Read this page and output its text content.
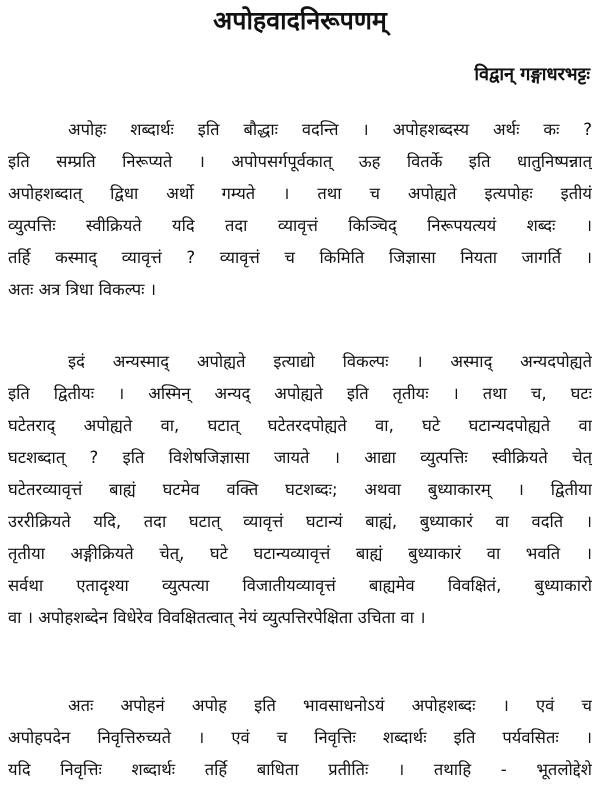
अपोहवादनिरूपणम्
विद्वान् गङ्गाधरभट्टः
अपोहः शब्दार्थः इति बौद्धाः वदन्ति । अपोहशब्दस्य अर्थः कः ?
इति सम्प्रति निरूप्यते । अपोपसर्गपूर्वकात् ऊह वितर्के इति धातुनिष्पन्नात्
अपोहशब्दात् द्विधा अर्थो गम्यते । तथा च अपोह्यते इत्यपोहः इतीयं
व्युत्पत्तिः स्वीक्रियते यदि तदा व्यावृत्तं किञ्चिद् निरूपयत्ययं शब्दः ।
तर्हि कस्माद् व्यावृत्तं ? व्यावृत्तं च किमिति जिज्ञासा नियता जागर्ति ।
अतः अत्र त्रिधा विकल्पः ।
इदं अन्यस्माद् अपोह्यते इत्याद्यो विकल्पः । अस्माद् अन्यदपोह्यते
इति द्वितीयः । अस्मिन् अन्यद् अपोह्यते इति तृतीयः । तथा च, घटः
घटेतराद् अपोह्यते वा, घटात् घटेतरदपोह्यते वा, घटे घटान्यदपोह्यते वा
घटशब्दात् ? इति विशेषजिज्ञासा जायते । आद्या व्युत्पत्तिः स्वीक्रियते चेत्
घटेतरव्यावृत्तं बाह्यं घटमेव वक्ति घटशब्दः; अथवा बुध्याकारम् । द्वितीया
उररीक्रियते यदि, तदा घटात् व्यावृत्तं घटान्यं बाह्यं, बुध्याकारं वा वदति ।
तृतीया अङ्गीक्रियते चेत्, घटे घटान्यव्यावृत्तं बाह्यं बुध्याकारं वा भवति ।
सर्वथा एतादृश्या व्युत्पत्या विजातीयव्यावृत्तं बाह्यमेव विवक्षितं, बुध्याकारो
वा । अपोहशब्देन विधेरेव विवक्षितत्वात् नेयं व्युत्पत्तिरपेक्षिता उचिता वा ।
अतः अपोहनं अपोह इति भावसाधनोऽयं अपोहशब्दः । एवं च
अपोहपदेन निवृत्तिरुच्यते । एवं च निवृत्तिः शब्दार्थः इति पर्यवसितः ।
यदि निवृत्तिः शब्दार्थः तर्हि बाधिता प्रतीतिः । तथाहि - भूतलोद्देशे
